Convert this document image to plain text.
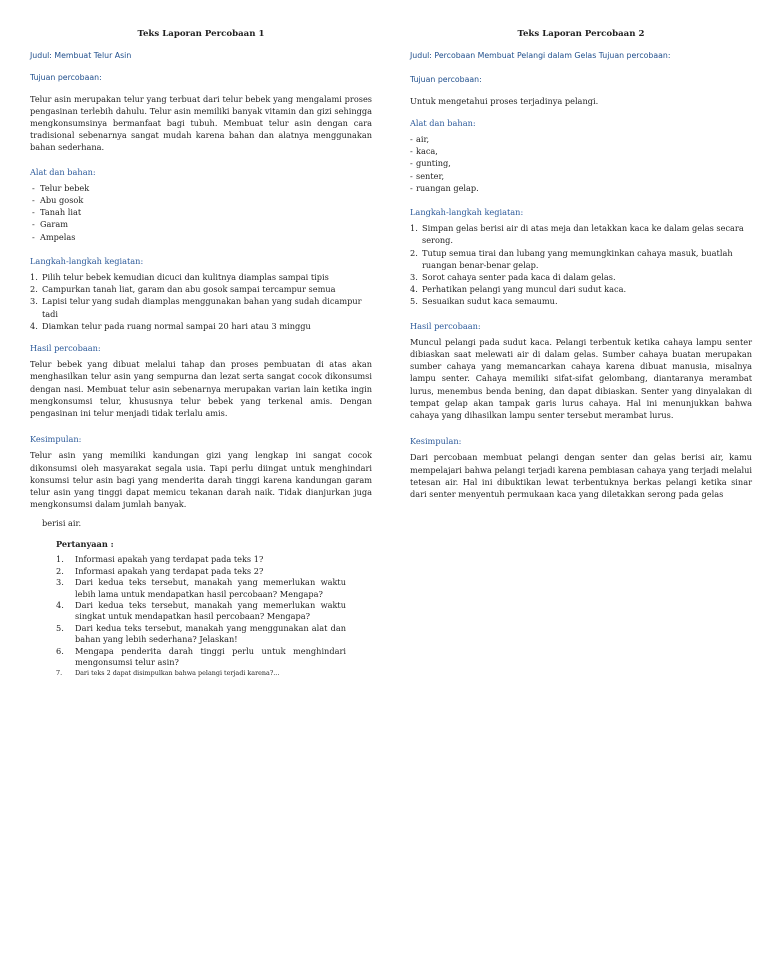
Teks Laporan Percobaan 1
Judul: Membuat Telur Asin
Tujuan percobaan:

Telur asin merupakan telur yang terbuat dari telur bebek yang mengalami proses pengasinan terlebih dahulu. Telur asin memiliki banyak vitamin dan gizi sehingga mengkonsumsinya bermanfaat bagi tubuh. Membuat telur asin dengan cara tradisional sebenarnya sangat mudah karena bahan dan alatnya menggunakan bahan sederhana.

Alat dan bahan:
- Telur bebek
- Abu gosok
- Tanah liat
- Garam
- Ampelas
Langkah-langkah kegiatan:
1. Pilih telur bebek kemudian dicuci dan kulitnya diamplas sampai tipis
2. Campurkan tanah liat, garam dan abu gosok sampai tercampur semua
3. Lapisi telur yang sudah diamplas menggunakan bahan yang sudah dicampur tadi
4. Diamkan telur pada ruang normal sampai 20 hari atau 3 minggu
Hasil percobaan:

Telur bebek yang dibuat melalui tahap dan proses pembuatan di atas akan menghasilkan telur asin yang sempurna dan lezat serta sangat cocok dikonsumsi dengan nasi. Membuat telur asin sebenarnya merupakan varian lain ketika ingin mengkonsumsi telur, khususnya telur bebek yang terkenal amis. Dengan pengasinan ini telur menjadi tidak terlalu amis.

Kesimpulan:

Telur asin yang memiliki kandungan gizi yang lengkap ini sangat cocok dikonsumsi oleh masyarakat segala usia. Tapi perlu diingat untuk menghindari konsumsi telur asin bagi yang menderita darah tinggi karena kandungan garam telur asin yang tinggi dapat memicu tekanan darah naik. Tidak dianjurkan juga mengkonsumsi dalam jumlah banyak.

Teks Laporan Percobaan 2
Judul: Percobaan Membuat Pelangi dalam Gelas Tujuan percobaan:
Tujuan percobaan:

Untuk mengetahui proses terjadinya pelangi.

Alat dan bahan:
- air,
- kaca,
- gunting,
- senter,
- ruangan gelap.
Langkah-langkah kegiatan:
1. Simpan gelas berisi air di atas meja dan letakkan kaca ke dalam gelas secara serong.
2. Tutup semua tirai dan lubang yang memungkinkan cahaya masuk, buatlah ruangan benar-benar gelap.
3. Sorot cahaya senter pada kaca di dalam gelas.
4. Perhatikan pelangi yang muncul dari sudut kaca.
5. Sesuaikan sudut kaca semaumu.
Hasil percobaan:

Muncul pelangi pada sudut kaca. Pelangi terbentuk ketika cahaya lampu senter dibiaskan saat melewati air di dalam gelas. Sumber cahaya buatan merupakan sumber cahaya yang memancarkan cahaya karena dibuat manusia, misalnya lampu senter. Cahaya memiliki sifat-sifat gelombang, diantaranya merambat lurus, menembus benda bening, dan dapat dibiaskan. Senter yang dinyalakan di tempat gelap akan tampak garis lurus cahaya. Hal ini menunjukkan bahwa cahaya yang dihasilkan lampu senter tersebut merambat lurus.

Kesimpulan:

Dari percobaan membuat pelangi dengan senter dan gelas berisi air, kamu mempelajari bahwa pelangi terjadi karena pembiasan cahaya yang terjadi melalui tetesan air. Hal ini dibuktikan lewat terbentuknya berkas pelangi ketika sinar dari senter menyentuh permukaan kaca yang diletakkan serong pada gelas

berisi air.
Pertanyaan :
1. Informasi apakah yang terdapat pada teks 1?
2. Informasi apakah yang terdapat pada teks 2?
3. Dari kedua teks tersebut, manakah yang memerlukan waktu lebih lama untuk mendapatkan hasil percobaan? Mengapa?
4. Dari kedua teks tersebut, manakah yang memerlukan waktu singkat untuk mendapatkan hasil percobaan? Mengapa?
5. Dari kedua teks tersebut, manakah yang menggunakan alat dan bahan yang lebih sederhana? Jelaskan!
6. Mengapa penderita darah tinggi perlu untuk menghindari mengonsumsi telur asin?
7. Dari teks 2 dapat disimpulkan bahwa pelangi terjadi karena?...
